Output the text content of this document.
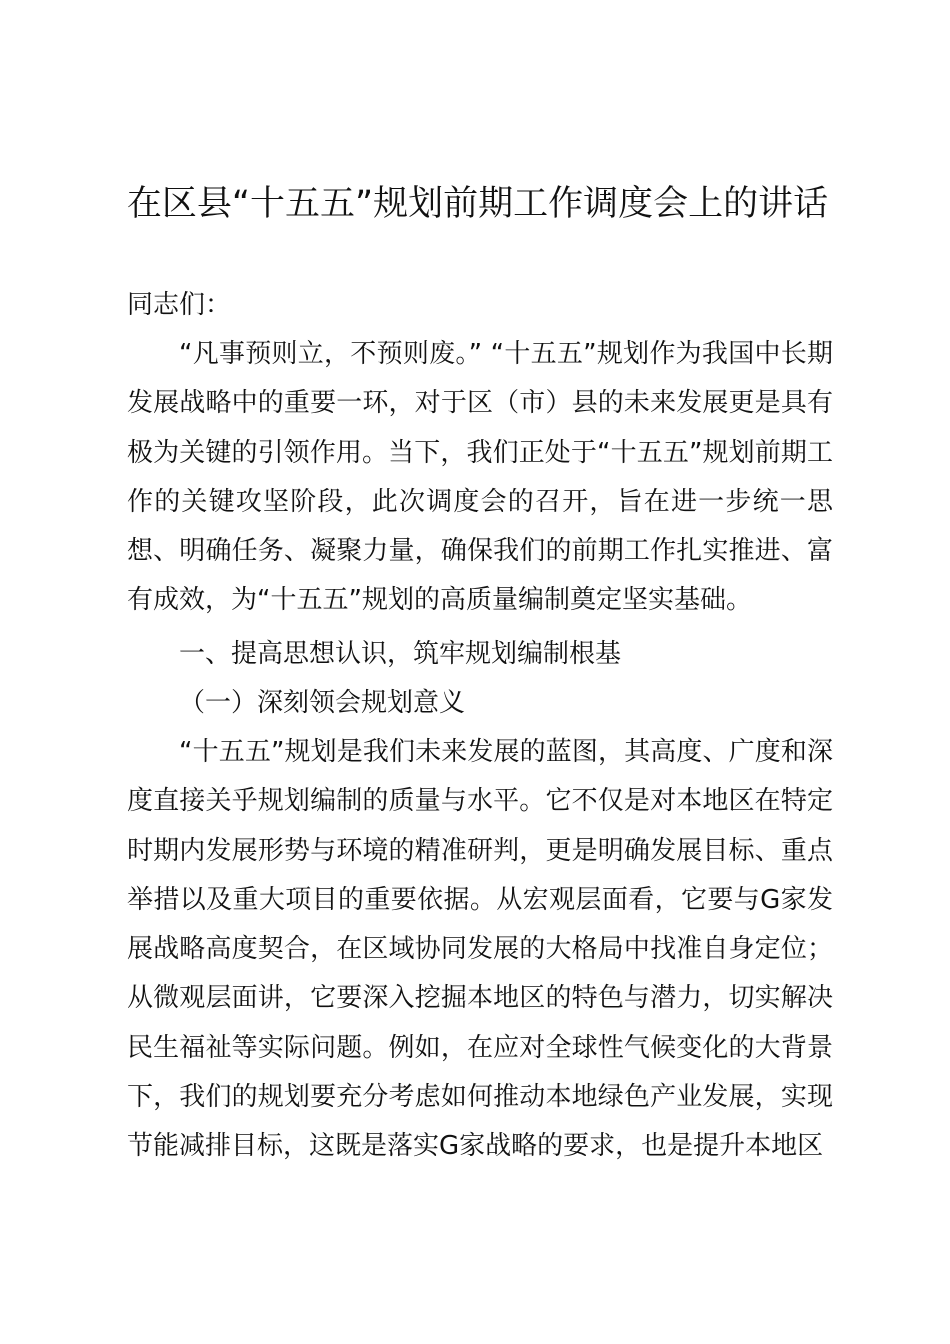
在区县“十五五”规划前期工作调度会上的讲话

同志们：

“凡事预则立，不预则废。” “十五五”规划作为我国中长期发展战略中的重要一环，对于区（市）县的未来发展更是具有极为关键的引领作用。当下，我们正处于“十五五”规划前期工作的关键攻坚阶段，此次调度会的召开，旨在进一步统一思想、明确任务、凝聚力量，确保我们的前期工作扎实推进、富有成效，为“十五五”规划的高质量编制奠定坚实基础。

一、提高思想认识，筑牢规划编制根基

（一）深刻领会规划意义

“十五五”规划是我们未来发展的蓝图，其高度、广度和深度直接关乎规划编制的质量与水平。它不仅是对本地区在特定时期内发展形势与环境的精准研判，更是明确发展目标、重点举措以及重大项目的重要依据。从宏观层面看，它要与G家发展战略高度契合，在区域协同发展的大格局中找准自身定位；从微观层面讲，它要深入挖掘本地区的特色与潜力，切实解决民生福祉等实际问题。例如，在应对全球性气候变化的大背景下，我们的规划要充分考虑如何推动本地绿色产业发展，实现节能减排目标，这既是落实G家战略的要求，也是提升本地区
